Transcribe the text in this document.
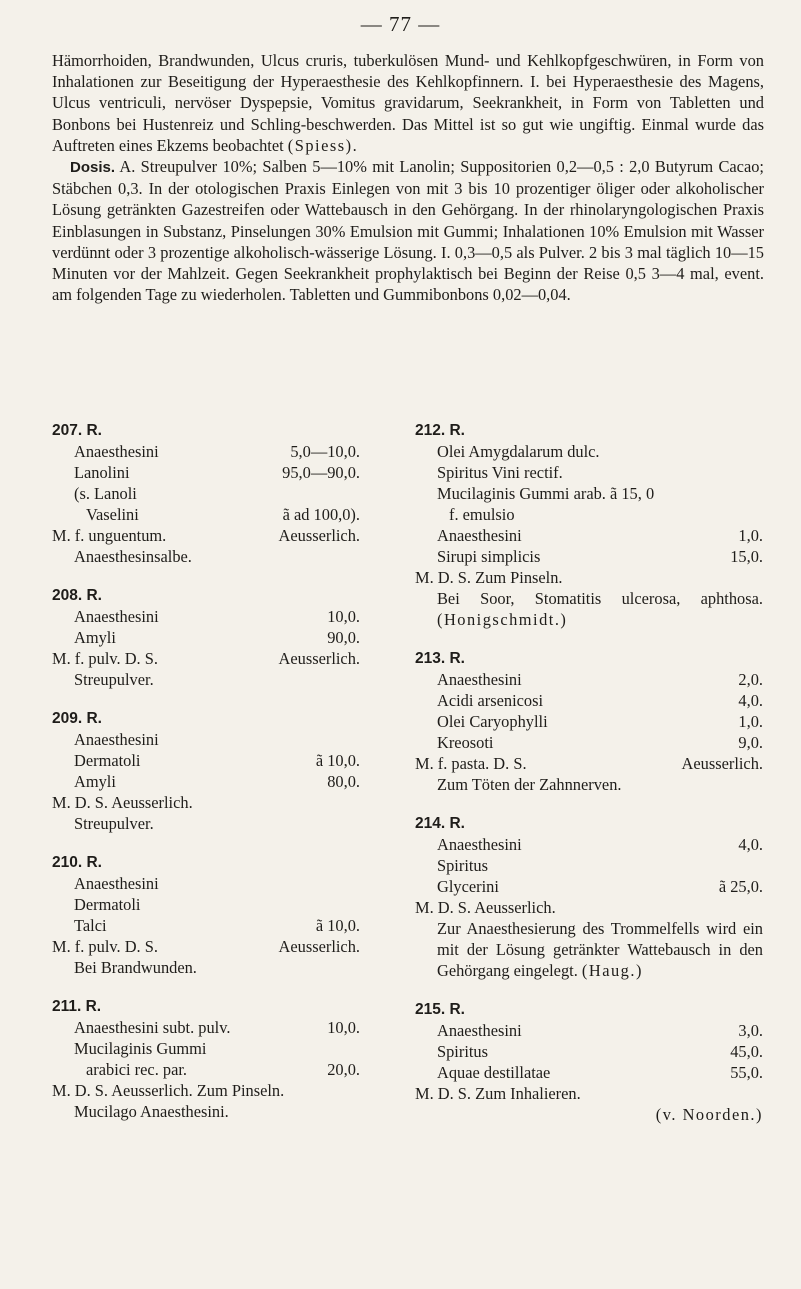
— 77 —

Hämorrhoiden, Brandwunden, Ulcus cruris, tuberkulösen Mund- und Kehlkopfgeschwüren, in Form von Inhalationen zur Beseitigung der Hyperaesthesie des Kehlkopfinnern. I. bei Hyperaesthesie des Magens, Ulcus ventriculi, nervöser Dyspepsie, Vomitus gravidarum, Seekrankheit, in Form von Tabletten und Bonbons bei Hustenreiz und Schling-beschwerden. Das Mittel ist so gut wie ungiftig. Einmal wurde das Auftreten eines Ekzems beobachtet (Spiess).

Dosis. A. Streupulver 10%; Salben 5—10% mit Lanolin; Suppositorien 0,2—0,5 : 2,0 Butyrum Cacao; Stäbchen 0,3. In der otologischen Praxis Einlegen von mit 3 bis 10 prozentiger öliger oder alkoholischer Lösung getränkten Gazestreifen oder Wattebausch in den Gehörgang. In der rhinolaryngologischen Praxis Einblasungen in Substanz, Pinselungen 30% Emulsion mit Gummi; Inhalationen 10% Emulsion mit Wasser verdünnt oder 3 prozentige alkoholisch-wässerige Lösung. I. 0,3—0,5 als Pulver. 2 bis 3 mal täglich 10—15 Minuten vor der Mahlzeit. Gegen Seekrankheit prophylaktisch bei Beginn der Reise 0,5 3—4 mal, event. am folgenden Tage zu wiederholen. Tabletten und Gummibonbons 0,02—0,04.

207. R.
Anaesthesini	5,0—10,0.
Lanolini	95,0—90,0.
(s. Lanoli
Vaselini	ã ad 100,0).
M. f. unguentum.	Aeusserlich.
Anaesthesinsalbe.
208. R.
Anaesthesini	10,0.
Amyli	90,0.
M. f. pulv. D. S.	Aeusserlich.
Streupulver.
209. R.
Anaesthesini
Dermatoli	ã 10,0.
Amyli	80,0.
M. D. S. Aeusserlich.
Streupulver.
210. R.
Anaesthesini
Dermatoli
Talci	ã 10,0.
M. f. pulv. D. S.	Aeusserlich.
Bei Brandwunden.
211. R.
Anaesthesini subt. pulv.	10,0.
Mucilaginis Gummi
arabici rec. par.	20,0.
M. D. S. Aeusserlich. Zum Pinseln.
Mucilago Anaesthesini.
212. R.
Olei Amygdalarum dulc.
Spiritus Vini rectif.
Mucilaginis Gummi arab. ã 15, 0
f. emulsio
Anaesthesini	1,0.
Sirupi simplicis	15,0.
M. D. S. Zum Pinseln.
Bei Soor, Stomatitis ulcerosa, aphthosa. (Honigschmidt.)
213. R.
Anaesthesini	2,0.
Acidi arsenicosi	4,0.
Olei Caryophylli	1,0.
Kreosoti	9,0.
M. f. pasta. D. S.	Aeusserlich.
Zum Töten der Zahnnerven.
214. R.
Anaesthesini	4,0.
Spiritus
Glycerini	ã 25,0.
M. D. S. Aeusserlich.
Zur Anaesthesierung des Trommelfells wird ein mit der Lösung getränkter Wattebausch in den Gehörgang eingelegt. (Haug.)
215. R.
Anaesthesini	3,0.
Spiritus	45,0.
Aquae destillatae	55,0.
M. D. S. Zum Inhalieren.
(v. Noorden.)
